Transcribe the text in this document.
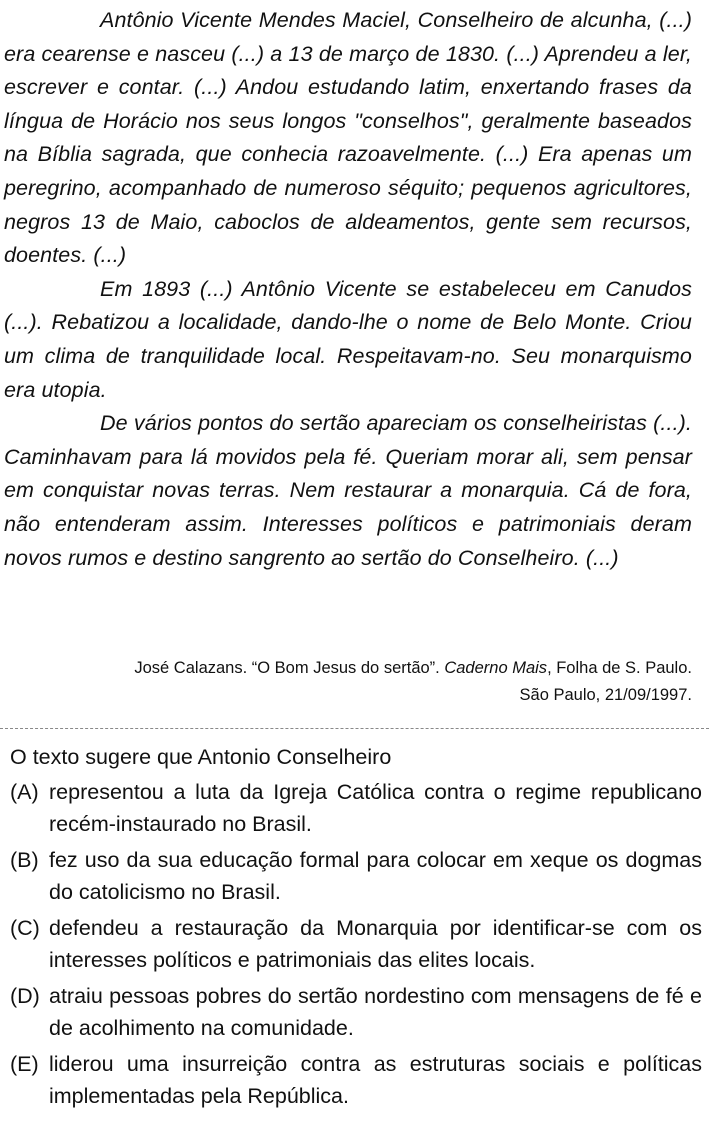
Antônio Vicente Mendes Maciel, Conselheiro de alcunha, (...) era cearense e nasceu (...) a 13 de março de 1830. (...) Aprendeu a ler, escrever e contar. (...) Andou estudando latim, enxertando frases da língua de Horácio nos seus longos "conselhos", geralmente baseados na Bíblia sagrada, que conhecia razoavelmente. (...) Era apenas um peregrino, acompanhado de numeroso séquito; pequenos agricultores, negros 13 de Maio, caboclos de aldeamentos, gente sem recursos, doentes. (...)

Em 1893 (...) Antônio Vicente se estabeleceu em Canudos (...). Rebatizou a localidade, dando-lhe o nome de Belo Monte. Criou um clima de tranquilidade local. Respeitavam-no. Seu monarquismo era utopia.

De vários pontos do sertão apareciam os conselheiristas (...). Caminhavam para lá movidos pela fé. Queriam morar ali, sem pensar em conquistar novas terras. Nem restaurar a monarquia. Cá de fora, não entenderam assim. Interesses políticos e patrimoniais deram novos rumos e destino sangrento ao sertão do Conselheiro. (...)

José Calazans. “O Bom Jesus do sertão”. Caderno Mais, Folha de S. Paulo.
São Paulo, 21/09/1997.
O texto sugere que Antonio Conselheiro
(A) representou a luta da Igreja Católica contra o regime republicano recém-instaurado no Brasil.
(B) fez uso da sua educação formal para colocar em xeque os dogmas do catolicismo no Brasil.
(C) defendeu a restauração da Monarquia por identificar-se com os interesses políticos e patrimoniais das elites locais.
(D) atraiu pessoas pobres do sertão nordestino com mensagens de fé e de acolhimento na comunidade.
(E) liderou uma insurreição contra as estruturas sociais e políticas implementadas pela República.
